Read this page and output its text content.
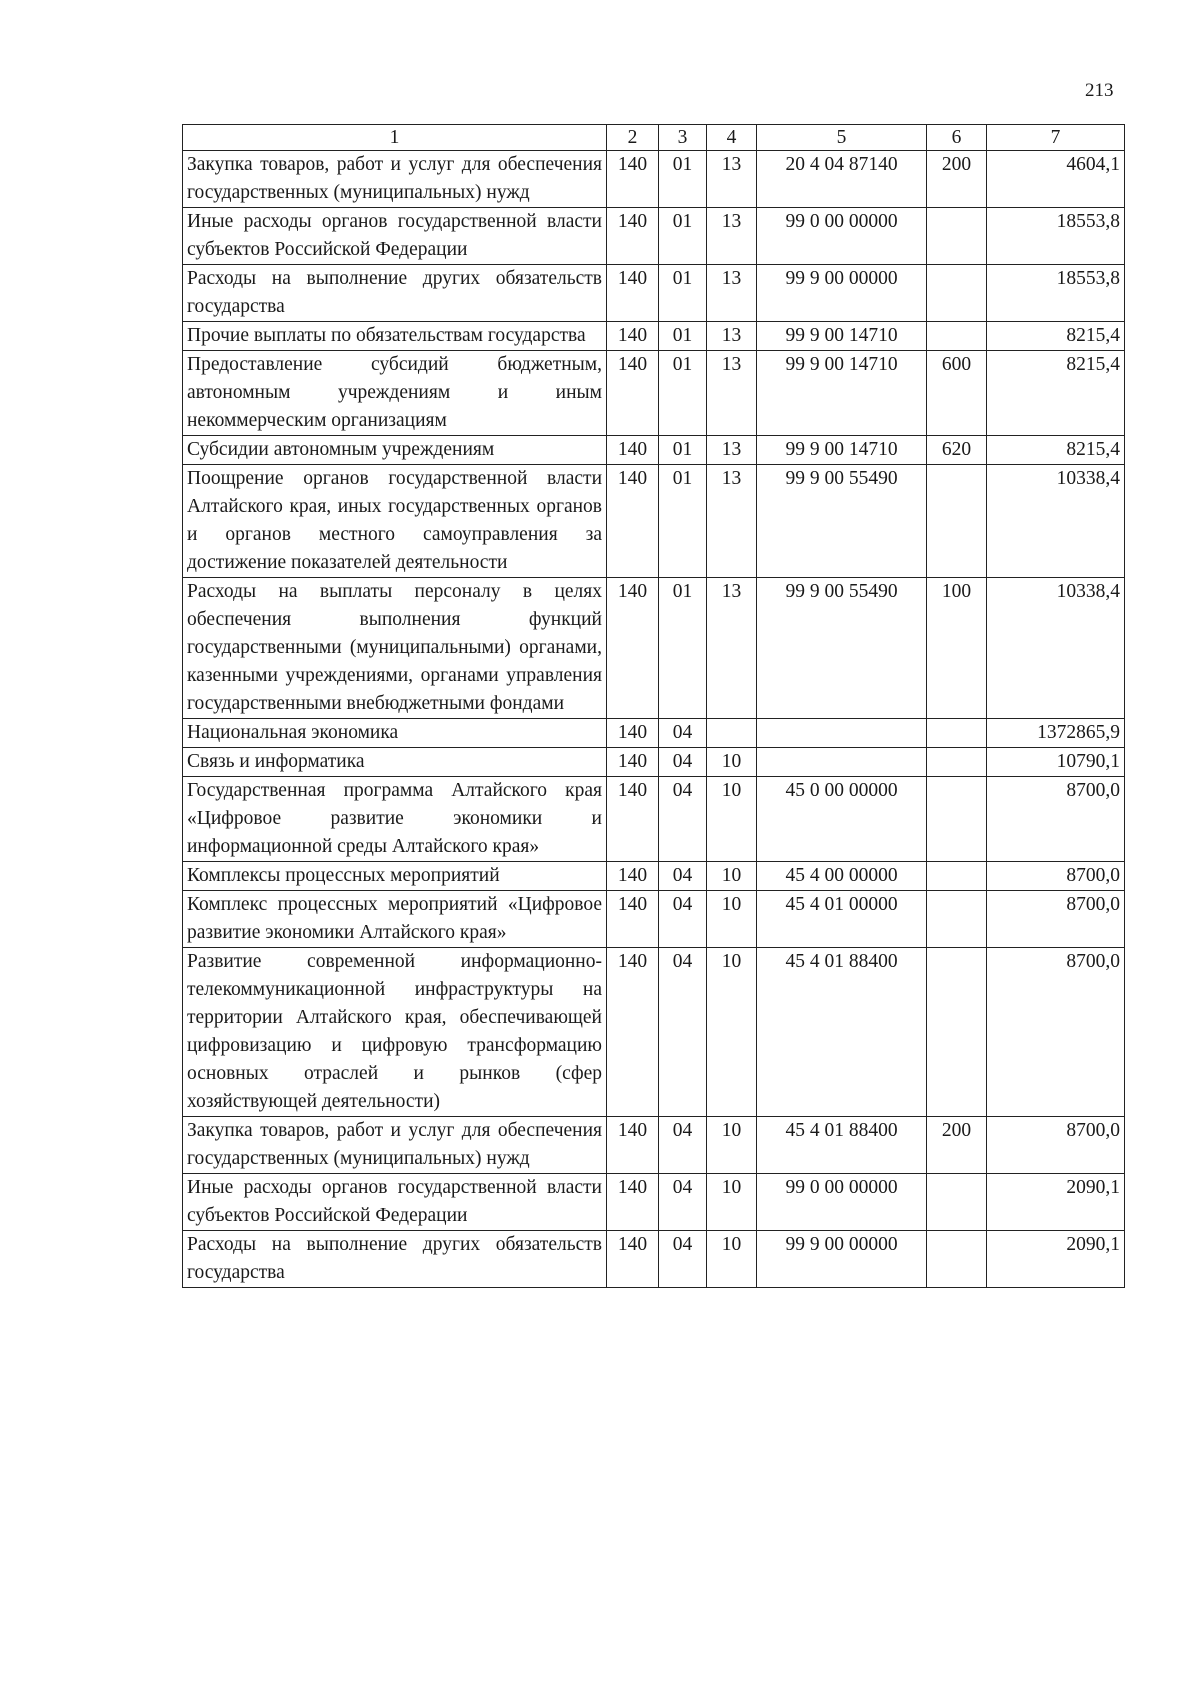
213
1	2	3	4	5	6	7
Закупка товаров, работ и услуг для обеспечения государственных (муниципальных) нужд	140	01	13	20 4 04 87140	200	4604,1
Иные расходы органов государственной власти субъектов Российской Федерации	140	01	13	99 0 00 00000		18553,8
Расходы на выполнение других обязательств государства	140	01	13	99 9 00 00000		18553,8
Прочие выплаты по обязательствам государства	140	01	13	99 9 00 14710		8215,4
Предоставление субсидий бюджетным, автономным учреждениям и иным некоммерческим организациям	140	01	13	99 9 00 14710	600	8215,4
Субсидии автономным учреждениям	140	01	13	99 9 00 14710	620	8215,4
Поощрение органов государственной власти Алтайского края, иных государственных органов и органов местного самоуправления за достижение показателей деятельности	140	01	13	99 9 00 55490		10338,4
Расходы на выплаты персоналу в целях обеспечения выполнения функций государственными (муниципальными) органами, казенными учреждениями, органами управления государственными внебюджетными фондами	140	01	13	99 9 00 55490	100	10338,4
Национальная экономика	140	04				1372865,9
Связь и информатика	140	04	10			10790,1
Государственная программа Алтайского края «Цифровое развитие экономики и информационной среды Алтайского края»	140	04	10	45 0 00 00000		8700,0
Комплексы процессных мероприятий	140	04	10	45 4 00 00000		8700,0
Комплекс процессных мероприятий «Цифровое развитие экономики Алтайского края»	140	04	10	45 4 01 00000		8700,0
Развитие современной информационно-телекоммуникационной инфраструктуры на территории Алтайского края, обеспечивающей цифровизацию и цифровую трансформацию основных отраслей и рынков (сфер хозяйствующей деятельности)	140	04	10	45 4 01 88400		8700,0
Закупка товаров, работ и услуг для обеспечения государственных (муниципальных) нужд	140	04	10	45 4 01 88400	200	8700,0
Иные расходы органов государственной власти субъектов Российской Федерации	140	04	10	99 0 00 00000		2090,1
Расходы на выполнение других обязательств государства	140	04	10	99 9 00 00000		2090,1
